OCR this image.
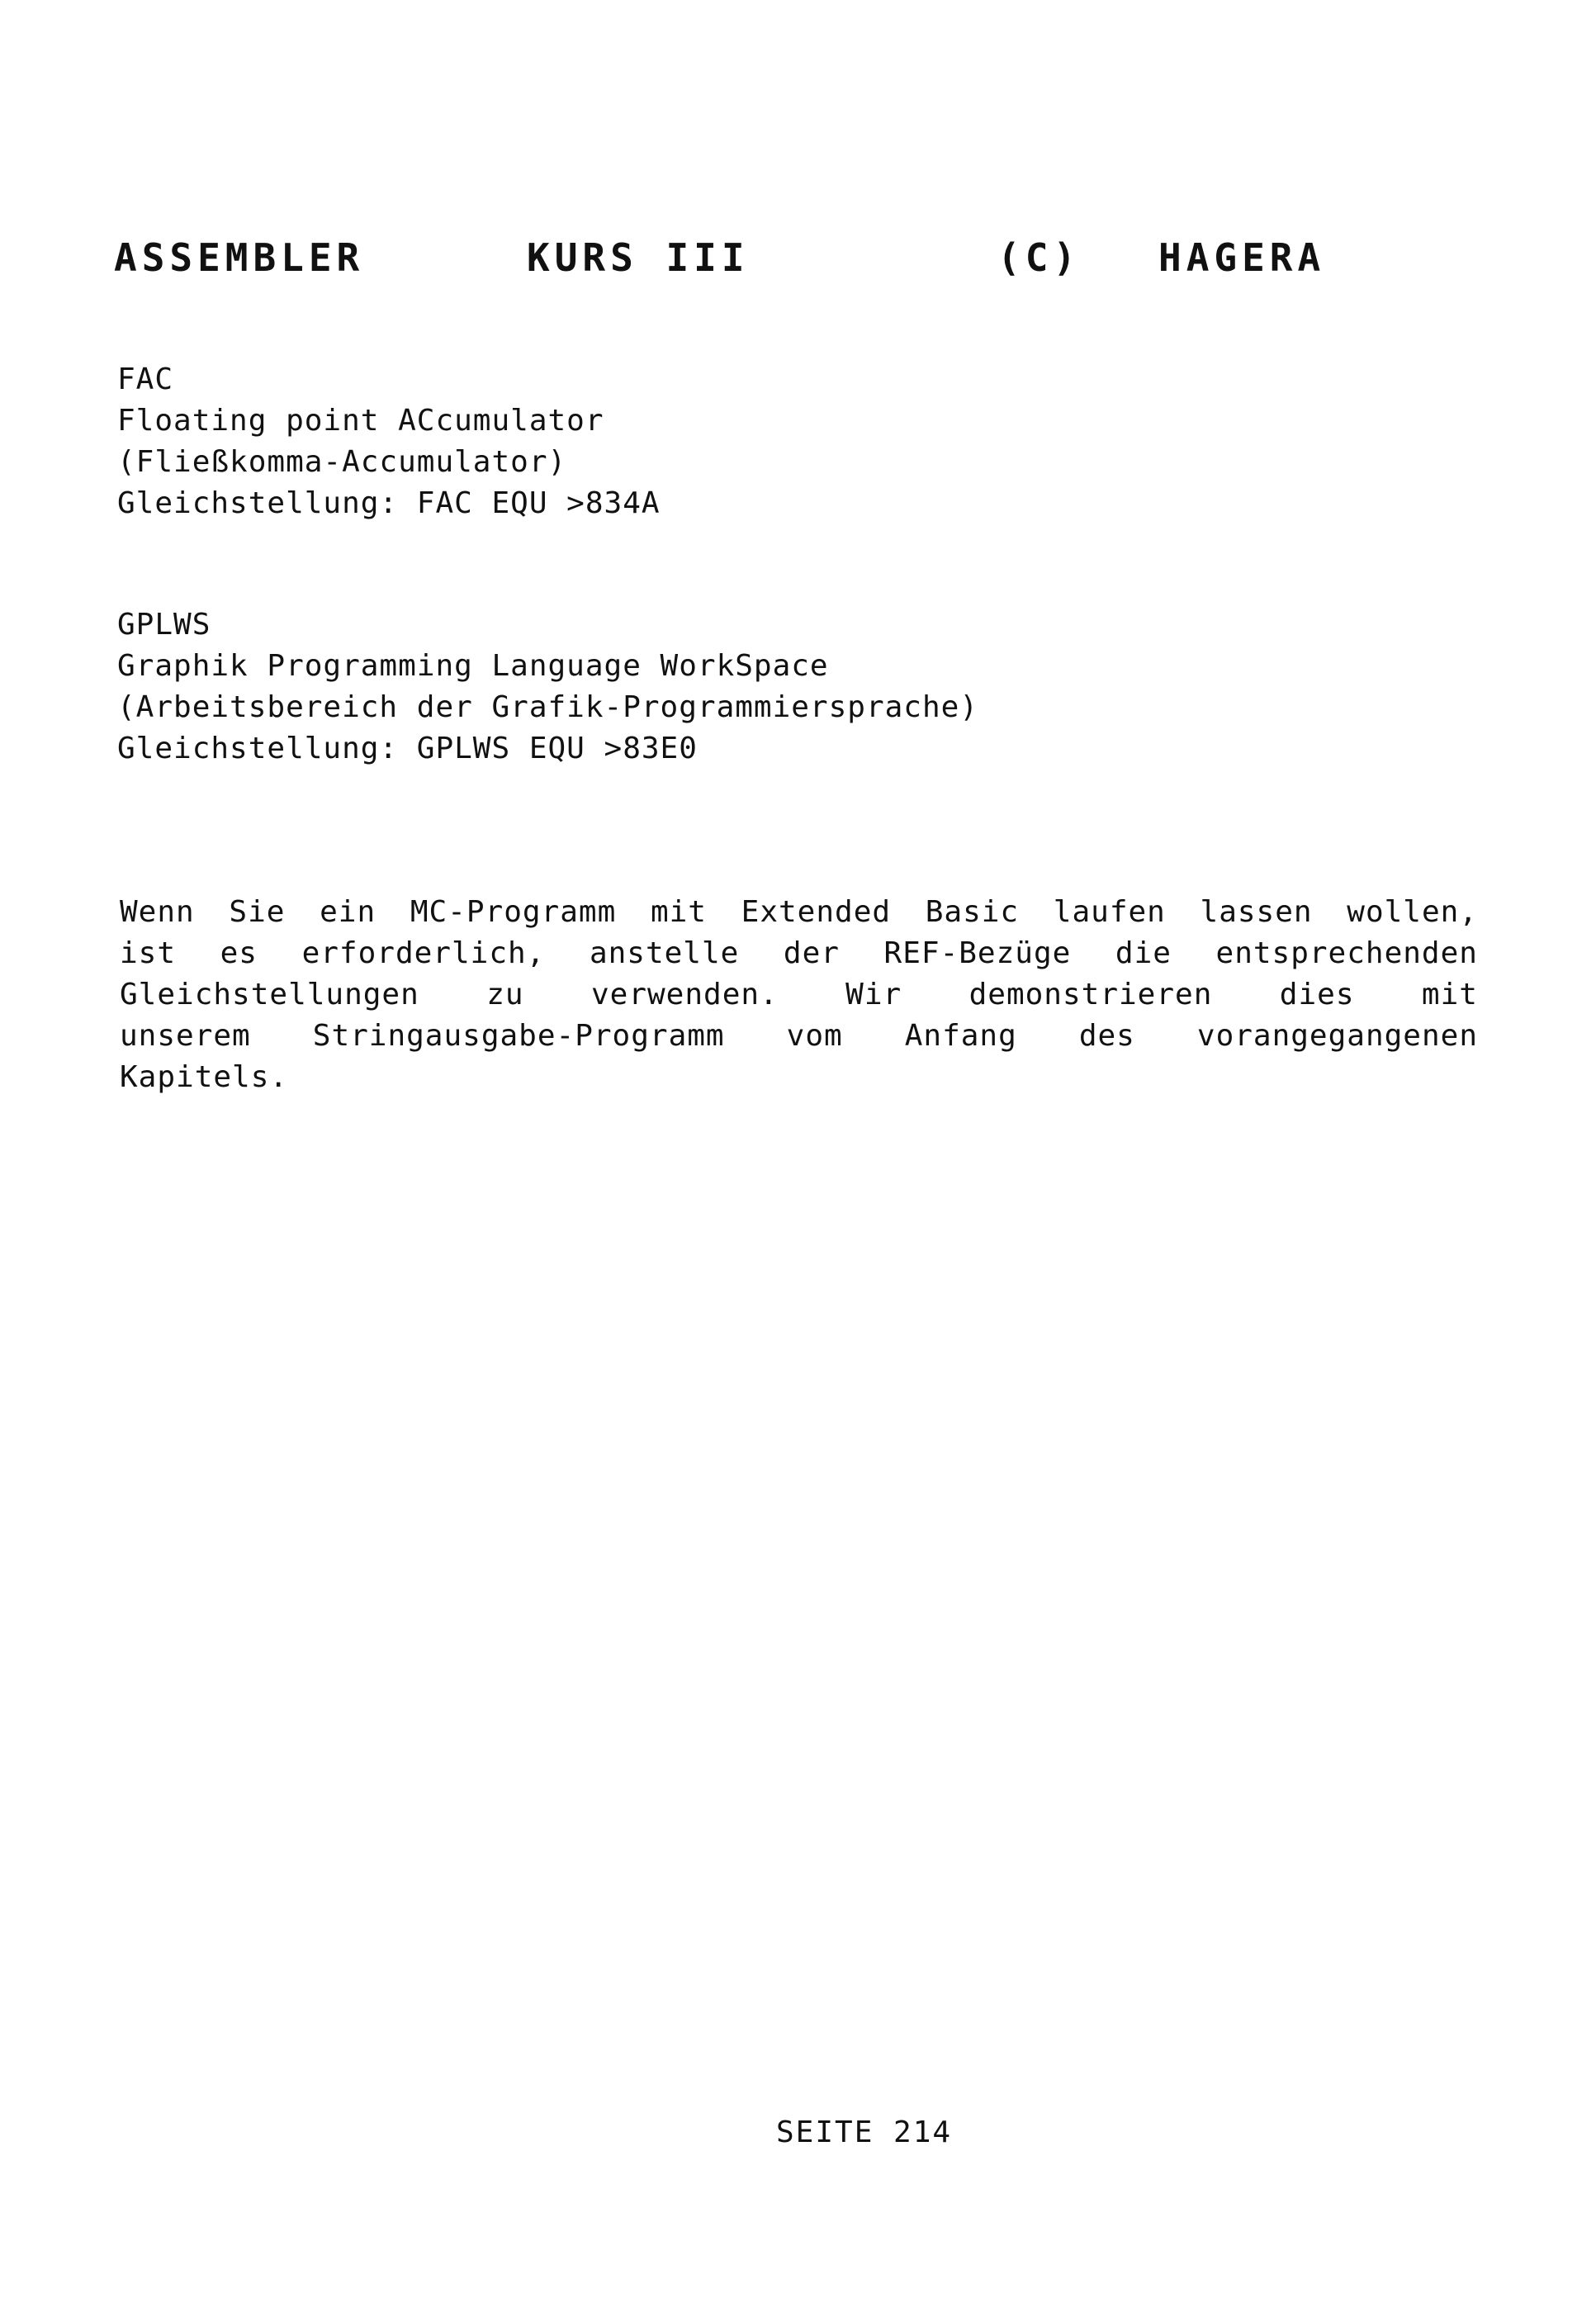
ASSEMBLER	KURS III	(C) HAGERA
FAC
Floating point ACcumulator
(Fließkomma-Accumulator)
Gleichstellung: FAC EQU >834A
GPLWS
Graphik Programming Language WorkSpace
(Arbeitsbereich der Grafik-Programmiersprache)
Gleichstellung: GPLWS EQU >83E0
Wenn Sie ein MC-Programm mit Extended Basic laufen lassen wollen,
ist es erforderlich, anstelle der REF-Bezüge die entsprechenden
Gleichstellungen zu verwenden. Wir demonstrieren dies mit
unserem Stringausgabe-Programm vom Anfang des vorangegangenen
Kapitels.
SEITE 214
